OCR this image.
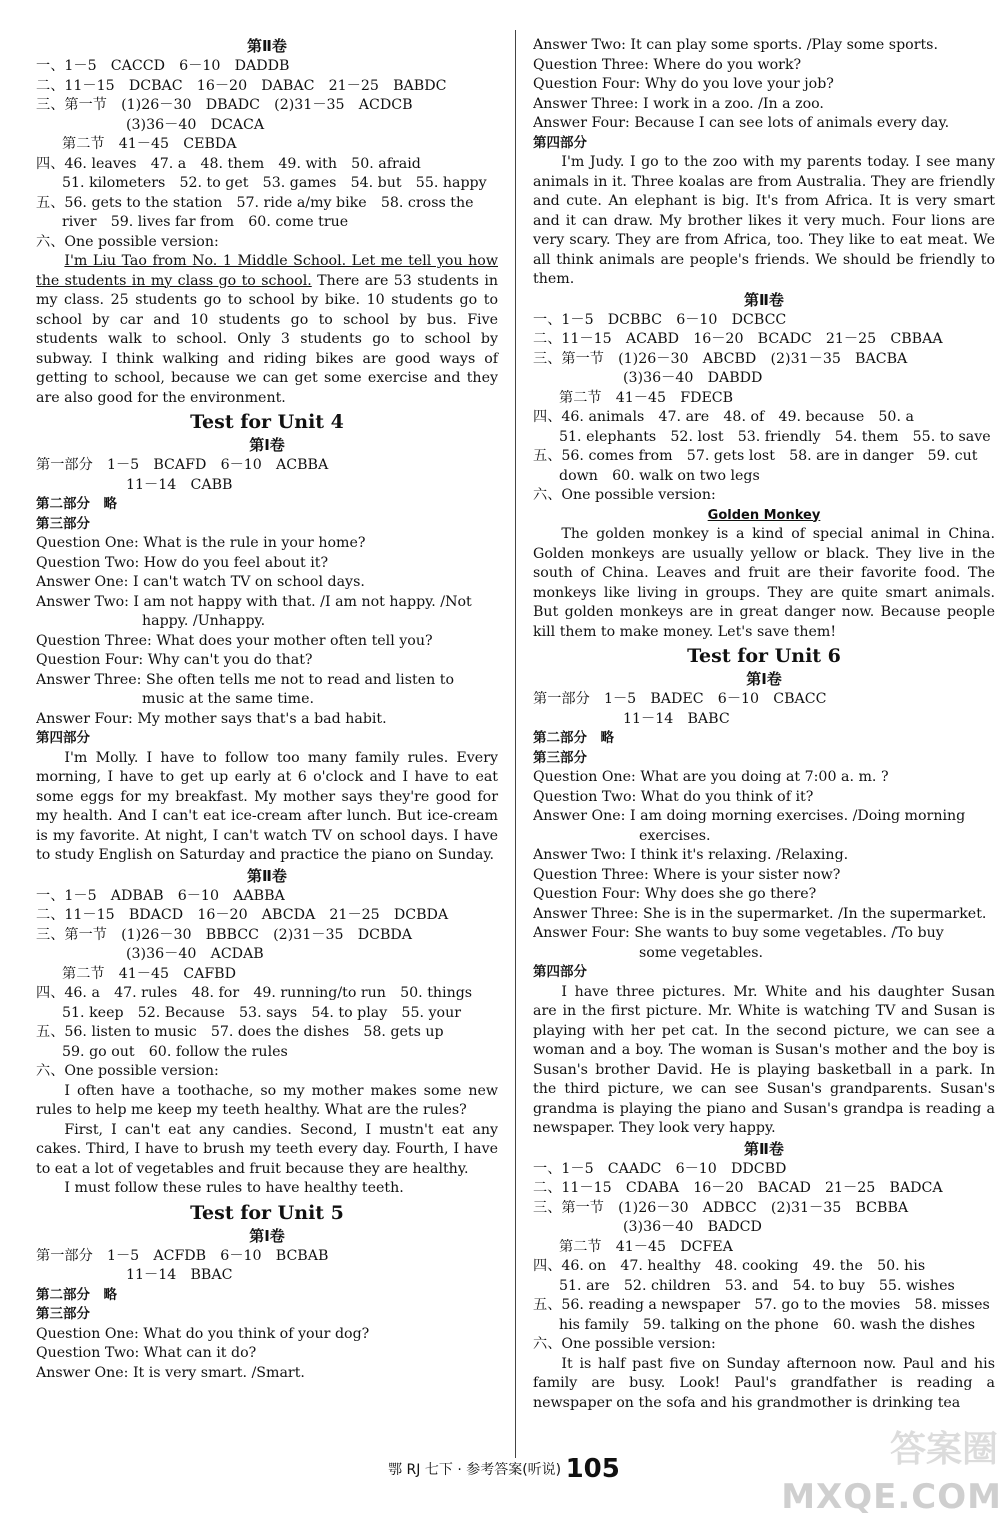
第Ⅱ卷
一、1－5　CACCD　6－10　DADDB
二、11－15　DCBAC　16－20　DABAC　21－25　BABDC
三、第一节　(1)26－30　DBADC　(2)31－35　ACDCB
(3)36－40　DCACA
第二节　41－45　CEBDA
四、46. leaves　47. a　48. them　49. with　50. afraid
51. kilometers　52. to get　53. games　54. but　55. happy
五、56. gets to the station　57. ride a/my bike　58. cross the
river　59. lives far from　60. come true
六、One possible version:

I'm Liu Tao from No. 1 Middle School. Let me tell you how the students in my class go to school. There are 53 students in my class. 25 students go to school by bike. 10 students go to school by car and 10 students go to school by bus. Five students walk to school. Only 3 students go to school by subway. I think walking and riding bikes are good ways of getting to school, because we can get some exercise and they are also good for the environment.

Test for Unit 4
第Ⅰ卷
第一部分　1－5　BCAFD　6－10　ACBBA
11－14　CABB
第二部分　略
第三部分
Question One: What is the rule in your home?
Question Two: How do you feel about it?
Answer One: I can't watch TV on school days.
Answer Two: I am not happy with that. /I am not happy. /Not
happy. /Unhappy.
Question Three: What does your mother often tell you?
Question Four: Why can't you do that?
Answer Three: She often tells me not to read and listen to
music at the same time.
Answer Four: My mother says that's a bad habit.
第四部分

I'm Molly. I have to follow too many family rules. Every morning, I have to get up early at 6 o'clock and I have to eat some eggs for my breakfast. My mother says they're good for my health. And I can't eat ice-cream after lunch. But ice-cream is my favorite. At night, I can't watch TV on school days. I have to study English on Saturday and practice the piano on Sunday.

第Ⅱ卷
一、1－5　ADBAB　6－10　AABBA
二、11－15　BDACD　16－20　ABCDA　21－25　DCBDA
三、第一节　(1)26－30　BBBCC　(2)31－35　DCBDA
(3)36－40　ACDAB
第二节　41－45　CAFBD
四、46. a　47. rules　48. for　49. running/to run　50. things
51. keep　52. Because　53. says　54. to play　55. your
五、56. listen to music　57. does the dishes　58. gets up
59. go out　60. follow the rules
六、One possible version:

I often have a toothache, so my mother makes some new rules to help me keep my teeth healthy. What are the rules?

First, I can't eat any candies. Second, I mustn't eat any cakes. Third, I have to brush my teeth every day. Fourth, I have to eat a lot of vegetables and fruit because they are healthy.

I must follow these rules to have healthy teeth.

Test for Unit 5
第Ⅰ卷
第一部分　1－5　ACFDB　6－10　BCBAB
11－14　BBAC
第二部分　略
第三部分
Question One: What do you think of your dog?
Question Two: What can it do?
Answer One: It is very smart. /Smart.
Answer Two: It can play some sports. /Play some sports.
Question Three: Where do you work?
Question Four: Why do you love your job?
Answer Three: I work in a zoo. /In a zoo.
Answer Four: Because I can see lots of animals every day.
第四部分

I'm Judy. I go to the zoo with my parents today. I see many animals in it. Three koalas are from Australia. They are friendly and cute. An elephant is big. It's from Africa. It is very smart and it can draw. My brother likes it very much. Four lions are very scary. They are from Africa, too. They like to eat meat. We all think animals are people's friends. We should be friendly to them.

第Ⅱ卷
一、1－5　DCBBC　6－10　DCBCC
二、11－15　ACABD　16－20　BCADC　21－25　CBBAA
三、第一节　(1)26－30　ABCBD　(2)31－35　BACBA
(3)36－40　DABDD
第二节　41－45　FDECB
四、46. animals　47. are　48. of　49. because　50. a
51. elephants　52. lost　53. friendly　54. them　55. to save
五、56. comes from　57. gets lost　58. are in danger　59. cut
down　60. walk on two legs
六、One possible version:
Golden Monkey

The golden monkey is a kind of special animal in China. Golden monkeys are usually yellow or black. They live in the south of China. Leaves and fruit are their favorite food. The monkeys like living in groups. They are quite smart animals. But golden monkeys are in great danger now. Because people kill them to make money. Let's save them!

Test for Unit 6
第Ⅰ卷
第一部分　1－5　BADEC　6－10　CBACC
11－14　BABC
第二部分　略
第三部分
Question One: What are you doing at 7:00 a. m. ?
Question Two: What do you think of it?
Answer One: I am doing morning exercises. /Doing morning
exercises.
Answer Two: I think it's relaxing. /Relaxing.
Question Three: Where is your sister now?
Question Four: Why does she go there?
Answer Three: She is in the supermarket. /In the supermarket.
Answer Four: She wants to buy some vegetables. /To buy
some vegetables.
第四部分

I have three pictures. Mr. White and his daughter Susan are in the first picture. Mr. White is watching TV and Susan is playing with her pet cat. In the second picture, we can see a woman and a boy. The woman is Susan's mother and the boy is Susan's brother David. He is playing basketball in a park. In the third picture, we can see Susan's grandparents. Susan's grandma is playing the piano and Susan's grandpa is reading a newspaper. They look very happy.

第Ⅱ卷
一、1－5　CAADC　6－10　DDCBD
二、11－15　CDABA　16－20　BACAD　21－25　BADCA
三、第一节　(1)26－30　ADBCC　(2)31－35　BCBBA
(3)36－40　BADCD
第二节　41－45　DCFEA
四、46. on　47. healthy　48. cooking　49. the　50. his
51. are　52. children　53. and　54. to buy　55. wishes
五、56. reading a newspaper　57. go to the movies　58. misses
his family　59. talking on the phone　60. wash the dishes
六、One possible version:

It is half past five on Sunday afternoon now. Paul and his family are busy. Look! Paul's grandfather is reading a newspaper on the sofa and his grandmother is drinking tea

鄂 RJ 七下 · 参考答案(听说) 105	答案圈
MXQE.COM
